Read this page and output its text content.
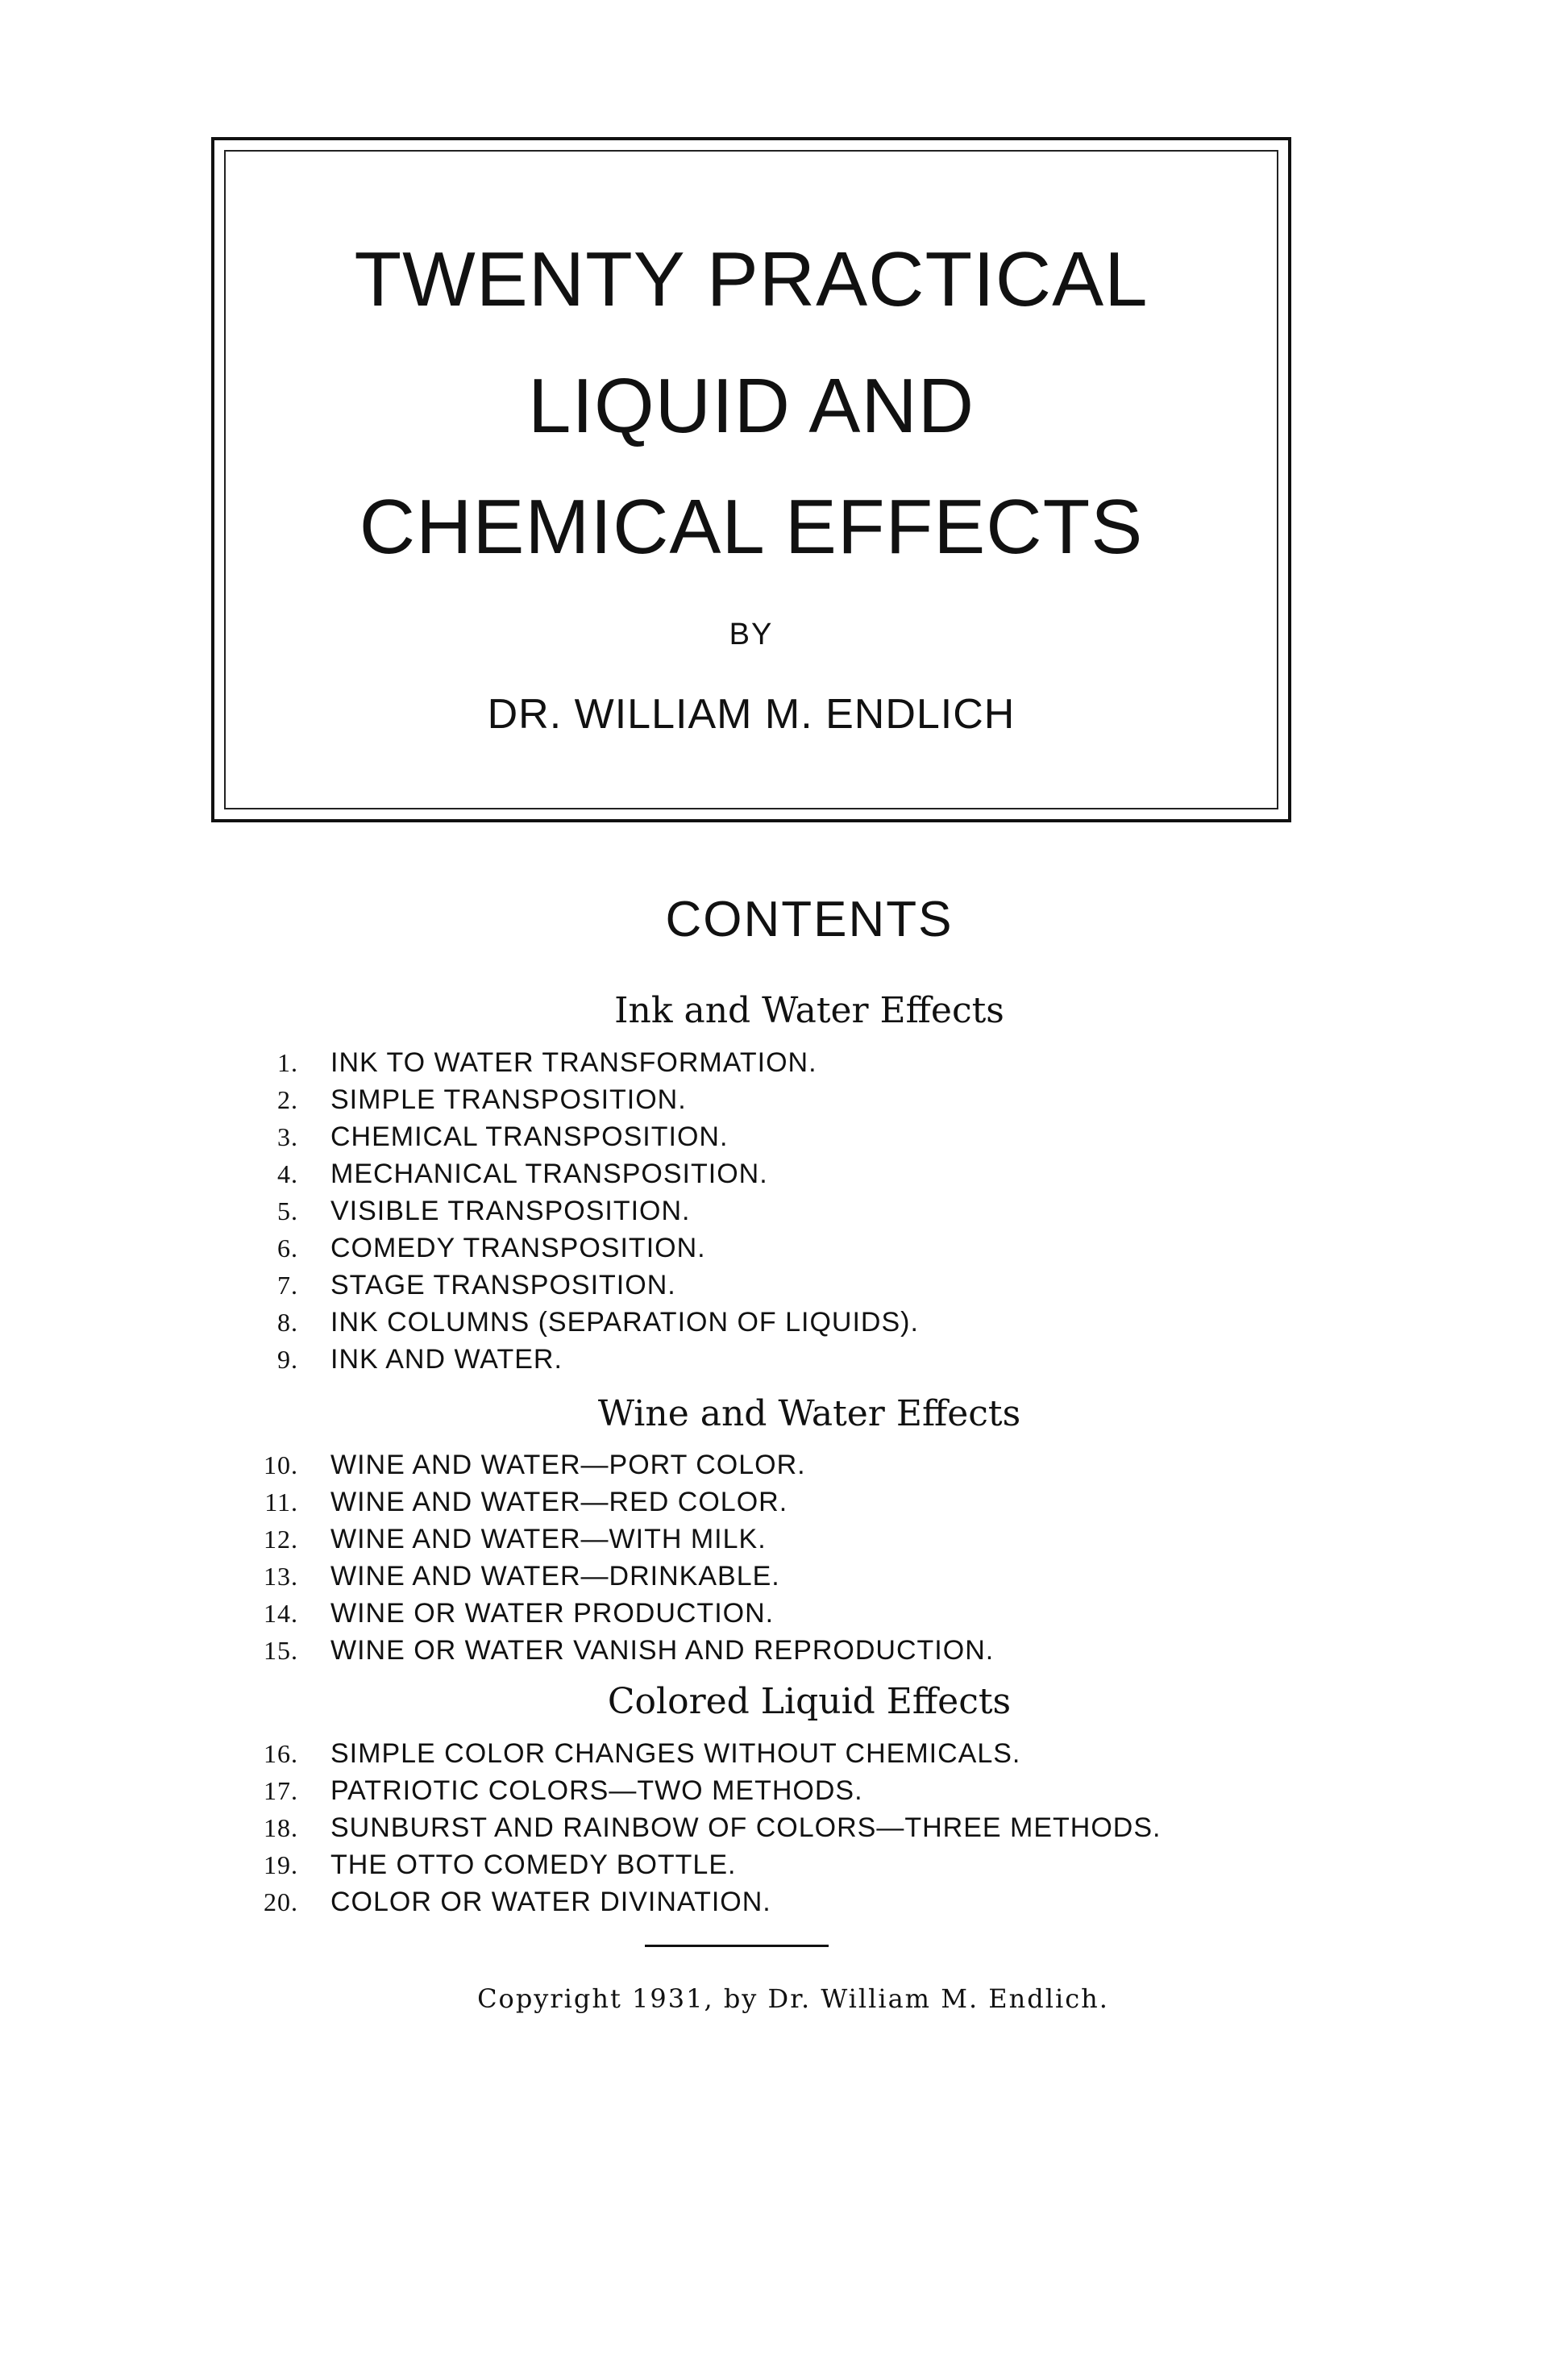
TWENTY PRACTICAL
LIQUID AND
CHEMICAL EFFECTS
BY
DR. WILLIAM M. ENDLICH
CONTENTS
Ink and Water Effects
1. INK TO WATER TRANSFORMATION.
2. SIMPLE TRANSPOSITION.
3. CHEMICAL TRANSPOSITION.
4. MECHANICAL TRANSPOSITION.
5. VISIBLE TRANSPOSITION.
6. COMEDY TRANSPOSITION.
7. STAGE TRANSPOSITION.
8. INK COLUMNS (SEPARATION OF LIQUIDS).
9. INK AND WATER.
Wine and Water Effects
10. WINE AND WATER—PORT COLOR.
11. WINE AND WATER—RED COLOR.
12. WINE AND WATER—WITH MILK.
13. WINE AND WATER—DRINKABLE.
14. WINE OR WATER PRODUCTION.
15. WINE OR WATER VANISH AND REPRODUCTION.
Colored Liquid Effects
16. SIMPLE COLOR CHANGES WITHOUT CHEMICALS.
17. PATRIOTIC COLORS—TWO METHODS.
18. SUNBURST AND RAINBOW OF COLORS—THREE METHODS.
19. THE OTTO COMEDY BOTTLE.
20. COLOR OR WATER DIVINATION.
Copyright 1931, by Dr. William M. Endlich.
